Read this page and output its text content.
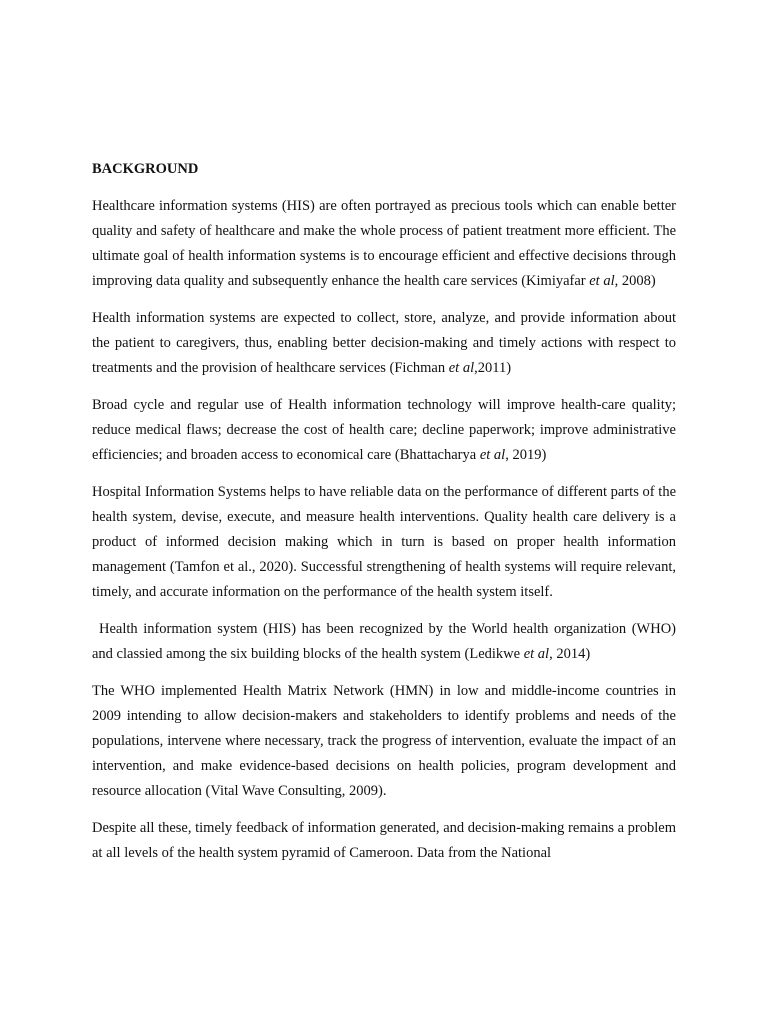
BACKGROUND

Healthcare information systems (HIS) are often portrayed as precious tools which can enable better quality and safety of healthcare and make the whole process of patient treatment more efficient. The ultimate goal of health information systems is to encourage efficient and effective decisions through improving data quality and subsequently enhance the health care services (Kimiyafar et al, 2008)

Health information systems are expected to collect, store, analyze, and provide information about the patient to caregivers, thus, enabling better decision-making and timely actions with respect to treatments and the provision of healthcare services (Fichman et al,2011)

Broad cycle and regular use of Health information technology will improve health‑care quality; reduce medical flaws; decrease the cost of health care; decline paperwork; improve administrative efficiencies; and broaden access to economical care (Bhattacharya et al, 2019)

Hospital Information Systems helps to have reliable data on the performance of different parts of the health system, devise, execute, and measure health interventions. Quality health care delivery is a product of informed decision making which in turn is based on proper health information management (Tamfon et al., 2020). Successful strengthening of health systems will require relevant, timely, and accurate information on the performance of the health system itself.

Health information system (HIS) has been recognized by the World health organization (WHO) and classied among the six building blocks of the health system (Ledikwe et al, 2014)

The WHO implemented Health Matrix Network (HMN) in low and middle-income countries in 2009 intending to allow decision-makers and stakeholders to identify problems and needs of the populations, intervene where necessary, track the progress of intervention, evaluate the impact of an intervention, and make evidence-based decisions on health policies, program development and resource allocation (Vital Wave Consulting, 2009).

Despite all these, timely feedback of information generated, and decision-making remains a problem at all levels of the health system pyramid of Cameroon. Data from the National
